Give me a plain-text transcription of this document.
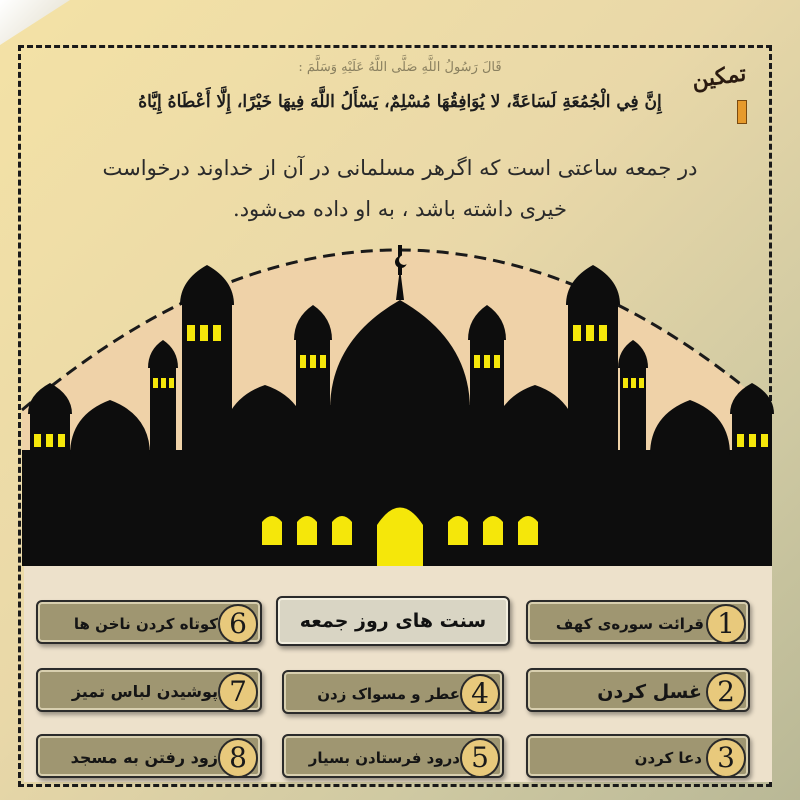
تمکین
قَالَ رَسُولُ اللَّهِ صَلَّى اللَّهُ عَلَيْهِ وَسَلَّمَ :
إِنَّ فِي الْجُمُعَةِ لَسَاعَةً، لا يُوَافِقُهَا مُسْلِمٌ، يَسْأَلُ اللَّهَ فِيهَا خَيْرًا، إِلَّا أَعْطَاهُ إِيَّاهُ
در جمعه ساعتی است که اگرهر مسلمانی در آن از خداوند درخواست
خیری داشته باشد ، به او داده می‌شود.
سنت های روز جمعه	قرائت سوره‌ی کهف 1
غسل کردن 2
دعا کردن 3
عطر و مسواک زدن 4
درود فرستادن بسیار 5
کوتاه کردن ناخن ها 6
پوشیدن لباس تمیز 7
زود رفتن به مسجد 8
